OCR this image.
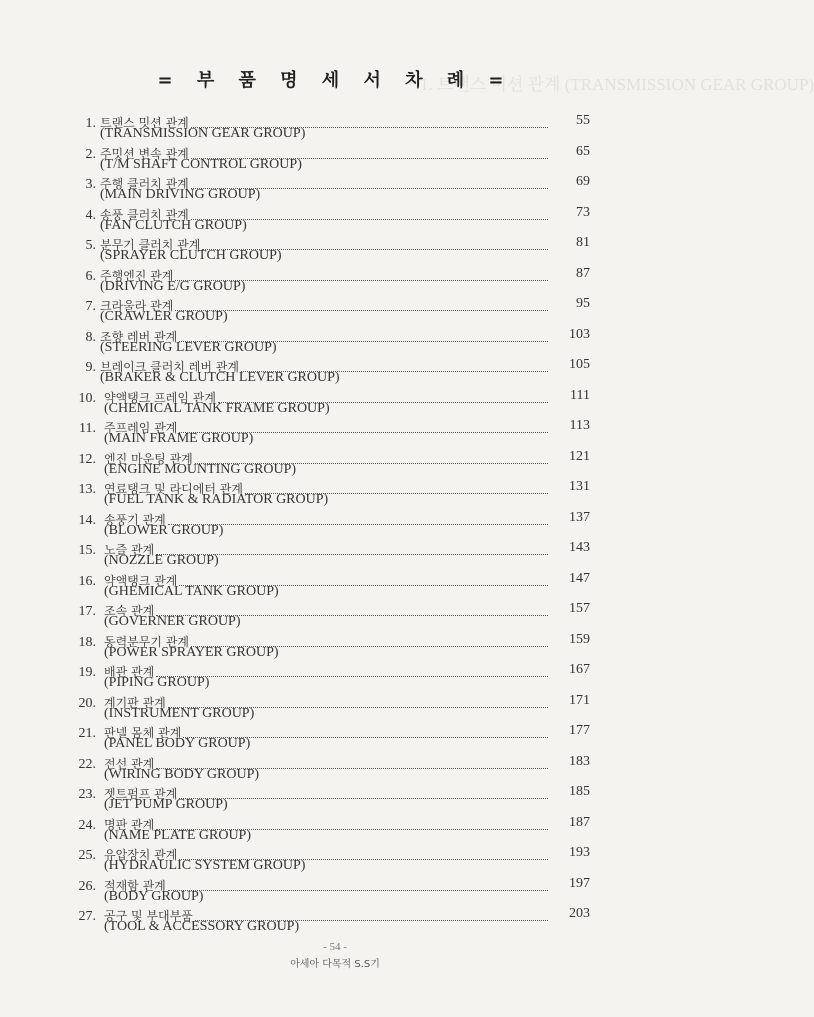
1. 트랜스 미션 관계 (TRANSMISSION GEAR GROUP)
= 부 품 명 세 서 차 례 =
1. 트랜스 밋션 관계
(TRANSMISSION GEAR GROUP)
55
2. 주밋션 변속 관계
(T/M SHAFT CONTROL GROUP)
65
3. 주행 클러치 관계
(MAIN DRIVING GROUP)
69
4. 송풍 클러치 관계
(FAN CLUTCH GROUP)
73
5. 분무기 클러치 관계
(SPRAYER CLUTCH GROUP)
81
6. 주행엔진 관계
(DRIVING E/G GROUP)
87
7. 크라울라 관계
(CRAWLER GROUP)
95
8. 조향 레버 관계
(STEERING LEVER GROUP)
103
9. 브레이크 클러치 레버 관계
(BRAKER & CLUTCH LEVER GROUP)
105
10. 약액탱크 프레임 관계
(CHEMICAL TANK FRAME GROUP)
111
11. 주프레임 관계
(MAIN FRAME GROUP)
113
12. 엔진 마운팅 관계
(ENGINE MOUNTING GROUP)
121
13. 연료탱크 및 라디에터 관계
(FUEL TANK & RADIATOR GROUP)
131
14. 송풍기 관계
(BLOWER GROUP)
137
15. 노즐 관계
(NOZZLE GROUP)
143
16. 약액탱크 관계
(GHEMICAL TANK GROUP)
147
17. 조속 관계
(GOVERNER GROUP)
157
18. 동력분무기 관계
(POWER SPRAYER GROUP)
159
19. 배관 관계
(PIPING GROUP)
167
20. 계기판 관계
(INSTRUMENT GROUP)
171
21. 판넬 몸체 관계
(PANEL BODY GROUP)
177
22. 전선 관계
(WIRING BODY GROUP)
183
23. 젯트펌프 관계
(JET PUMP GROUP)
185
24. 명판 관계
(NAME PLATE GROUP)
187
25. 유압장치 관계
(HYDRAULIC SYSTEM GROUP)
193
26. 적재함 관계
(BODY GROUP)
197
27. 공구 및 부대부품
(TOOL & ACCESSORY GROUP)
203
- 54 -
아세아 다목적 S.S기
